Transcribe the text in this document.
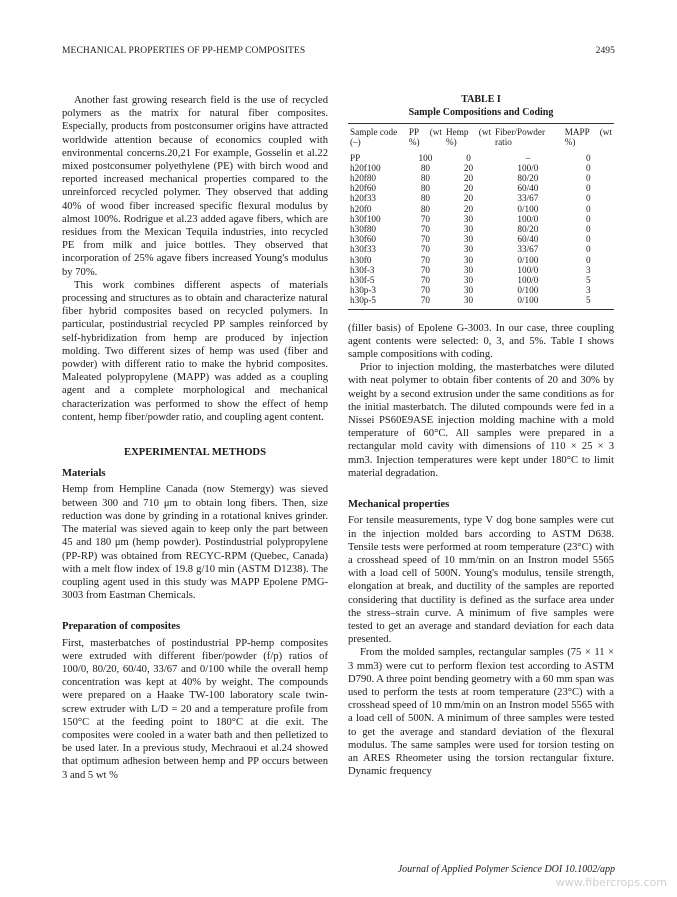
MECHANICAL PROPERTIES OF PP-HEMP COMPOSITES	2495

Another fast growing research field is the use of recycled polymers as the matrix for natural fiber composites. Especially, products from postconsumer origins have attracted worldwide attention because of economics coupled with environmental concerns.20,21 For example, Gosselin et al.22 mixed postconsumer polyethylene (PE) with birch wood and reported increased mechanical properties compared to the unreinforced recycled polymer. They observed that adding 40% of wood fiber increased specific flexural modulus by almost 100%. Rodrigue et al.23 added agave fibers, which are residues from the Mexican Tequila industries, into recycled PE from milk and juice bottles. They observed that incorporation of 25% agave fibers increased Young's modulus by 70%.

This work combines different aspects of materials processing and structures as to obtain and characterize natural fiber hybrid composites based on recycled polymers. In particular, postindustrial recycled PP samples reinforced by self-hybridization from hemp are produced by injection molding. Two different sizes of hemp was used (fiber and powder) with different ratio to make the hybrid composites. Maleated polypropylene (MAPP) was added as a coupling agent and a complete morphological and mechanical characterization was performed to show the effect of hemp content, hemp fiber/powder ratio, and coupling agent content.

EXPERIMENTAL METHODS
Materials

Hemp from Hempline Canada (now Stemergy) was sieved between 300 and 710 μm to obtain long fibers. Then, size reduction was done by grinding in a rotational knives grinder. The material was sieved again to keep only the part between 45 and 180 μm (hemp powder). Postindustrial polypropylene (PP-RP) was obtained from RECYC-RPM (Quebec, Canada) with a melt flow index of 19.8 g/10 min (ASTM D1238). The coupling agent used in this study was MAPP Epolene PMG-3003 from Eastman Chemicals.

Preparation of composites

First, masterbatches of postindustrial PP-hemp composites were extruded with different fiber/powder (f/p) ratios of 100/0, 80/20, 60/40, 33/67 and 0/100 while the overall hemp concentration was kept at 40% by weight. The compounds were prepared on a Haake TW-100 laboratory scale twin-screw extruder with L/D = 20 and a temperature profile from 150°C at the feeding point to 180°C at die exit. The composites were cooled in a water bath and then pelletized to be used later. In a previous study, Mechraoui et al.24 showed that optimum adhesion between hemp and PP occurs between 3 and 5 wt %

TABLE I
Sample Compositions and Coding
Sample code (–)	PP (wt %)	Hemp (wt %)	Fiber/Powder ratio	MAPP (wt %)

PP	100	0	–	0
h20f100	80	20	100/0	0
h20f80	80	20	80/20	0
h20f60	80	20	60/40	0
h20f33	80	20	33/67	0
h20f0	80	20	0/100	0
h30f100	70	30	100/0	0
h30f80	70	30	80/20	0
h30f60	70	30	60/40	0
h30f33	70	30	33/67	0
h30f0	70	30	0/100	0
h30f-3	70	30	100/0	3
h30f-5	70	30	100/0	5
h30p-3	70	30	0/100	3
h30p-5	70	30	0/100	5

(filler basis) of Epolene G-3003. In our case, three coupling agent contents were selected: 0, 3, and 5%. Table I shows sample compositions with coding.

Prior to injection molding, the masterbatches were diluted with neat polymer to obtain fiber contents of 20 and 30% by weight by a second extrusion under the same conditions as for the initial masterbatch. The diluted compounds were fed in a Nissei PS60E9ASE injection molding machine with a mold temperature of 60°C. All samples were prepared in a rectangular mold cavity with dimensions of 110 × 25 × 3 mm3. Injection temperatures were kept under 180°C to limit material degradation.

Mechanical properties

For tensile measurements, type V dog bone samples were cut in the injection molded bars according to ASTM D638. Tensile tests were performed at room temperature (23°C) with a crosshead speed of 10 mm/min on an Instron model 5565 with a load cell of 500N. Young's modulus, tensile strength, elongation at break, and ductility of the samples are reported considering that ductility is defined as the surface area under the stress–strain curve. A minimum of five samples were tested to get an average and standard deviation for each data presented.

From the molded samples, rectangular samples (75 × 11 × 3 mm3) were cut to perform flexion test according to ASTM D790. A three point bending geometry with a 60 mm span was used to perform the tests at room temperature (23°C) with a crosshead speed of 10 mm/min on an Instron model 5565 with a load cell of 500N. A minimum of three samples were tested to get the average and standard deviation of the flexural modulus. The same samples were used for torsion testing on an ARES Rheometer using the torsion rectangular fixture. Dynamic frequency

Journal of Applied Polymer Science DOI 10.1002/app
www.fibercrops.com
